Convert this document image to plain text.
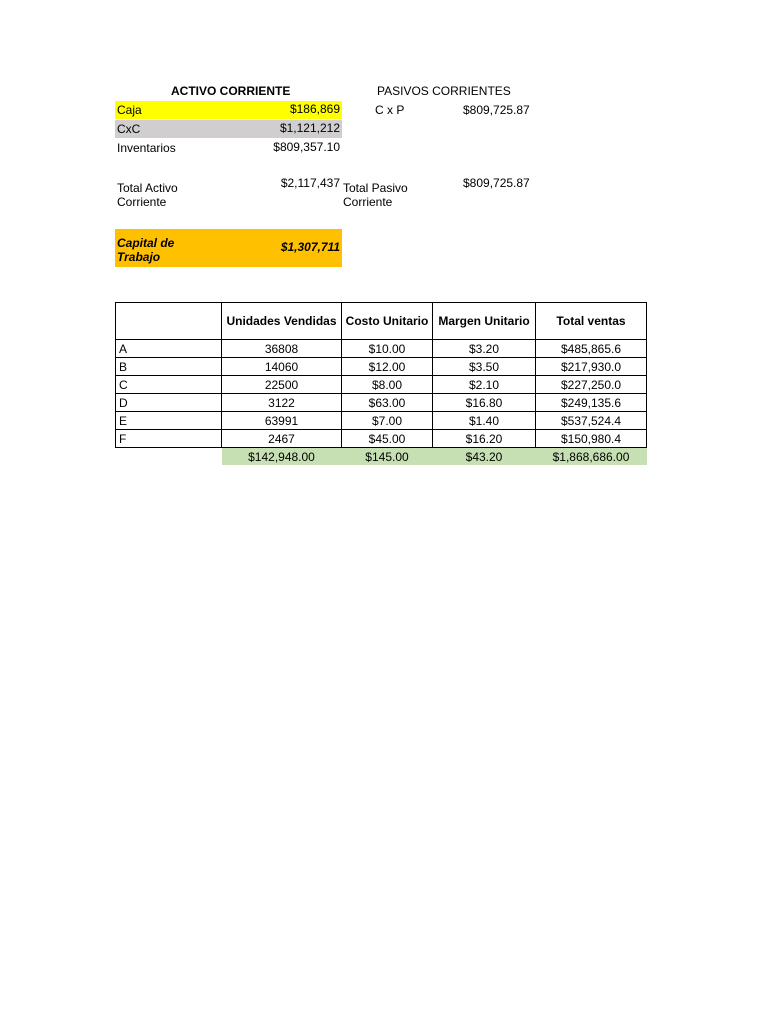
ACTIVO CORRIENTE	PASIVOS CORRIENTES
Caja	$186,869
CxC	$1,121,212
Inventarios	$809,357.10
Total Activo
Corriente
$2,117,437
C x P	$809,725.87
Total Pasivo
Corriente
$809,725.87
Capital de
Trabajo
$1,307,711
	Unidades Vendidas	Costo Unitario	Margen Unitario	Total ventas
A	36808	$10.00	$3.20	$485,865.6
B	14060	$12.00	$3.50	$217,930.0
C	22500	$8.00	$2.10	$227,250.0
D	3122	$63.00	$16.80	$249,135.6
E	63991	$7.00	$1.40	$537,524.4
F	2467	$45.00	$16.20	$150,980.4
	$142,948.00	$145.00	$43.20	$1,868,686.00
